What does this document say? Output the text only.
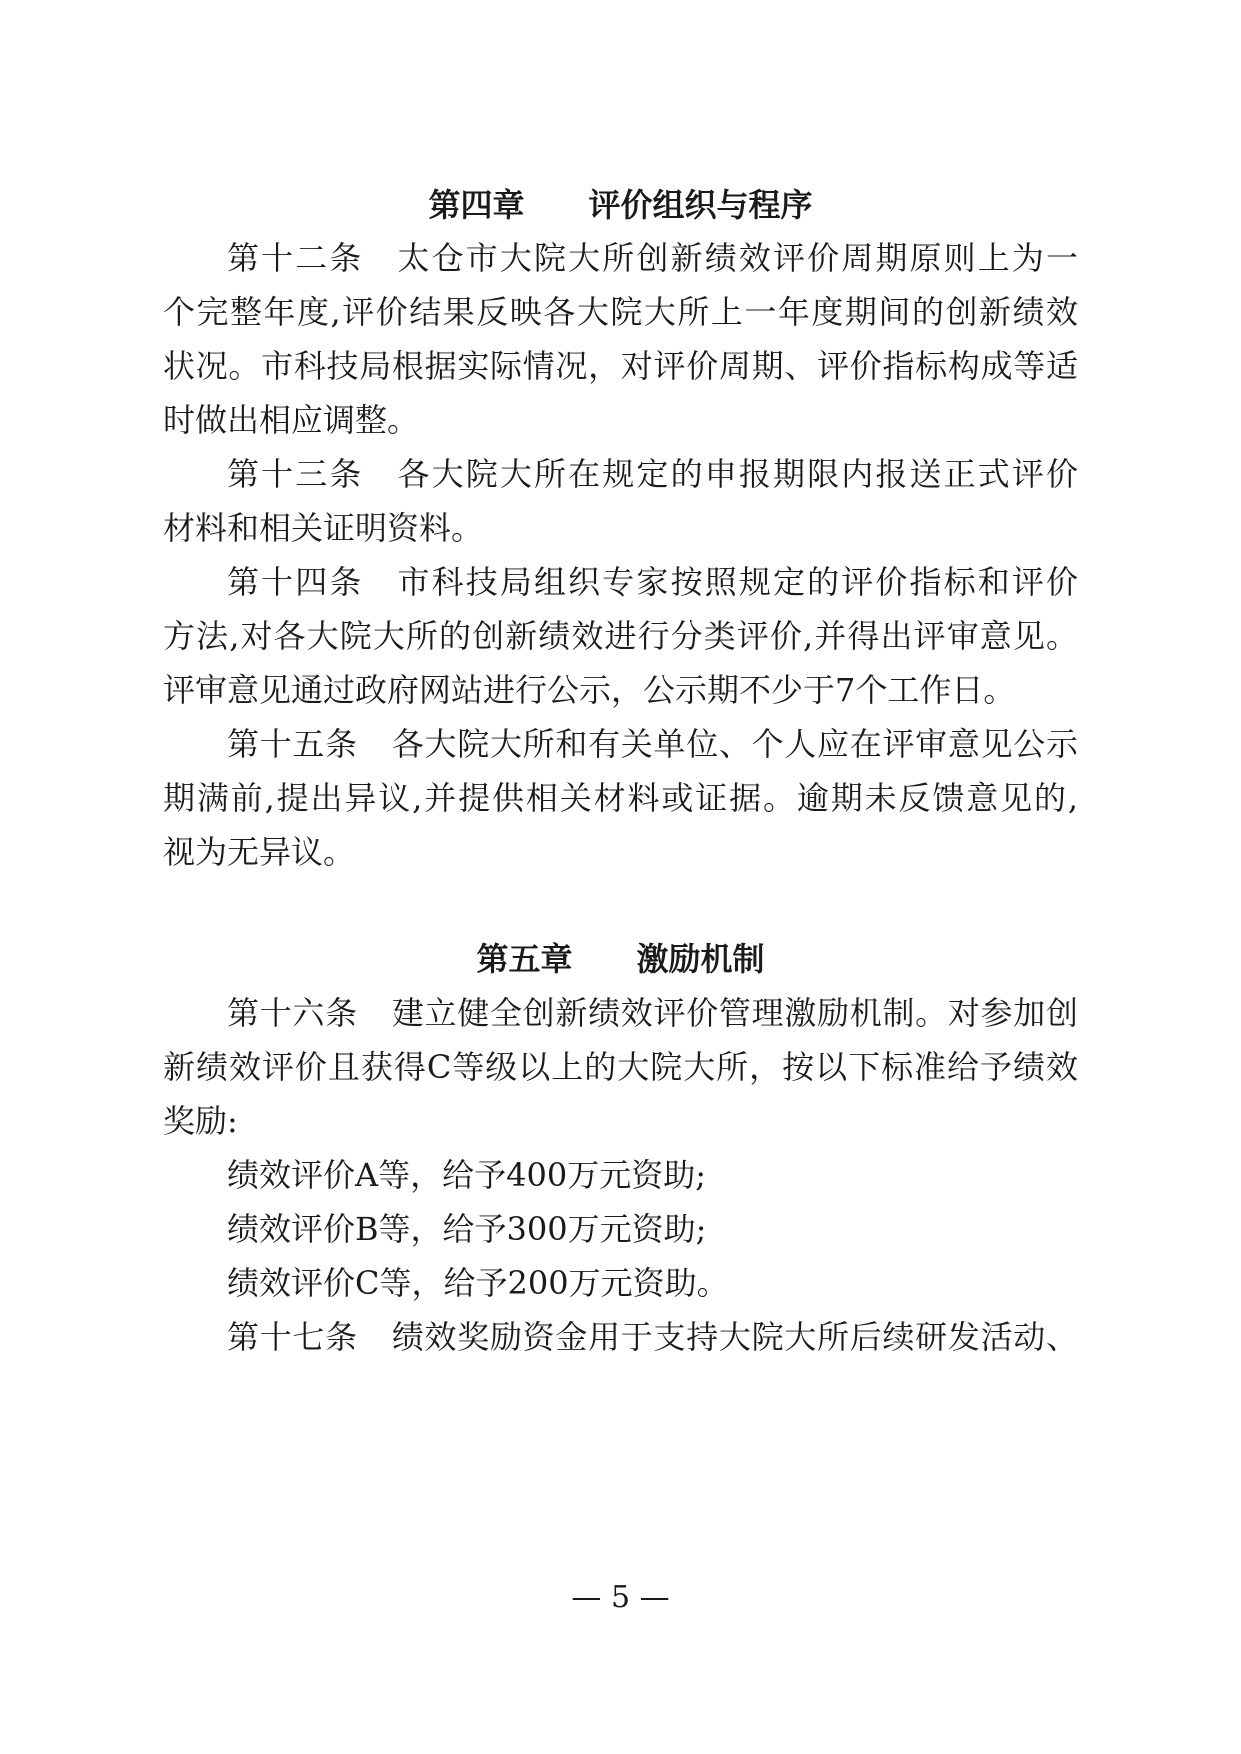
第四章 评价组织与程序
第十二条 太仓市大院大所创新绩效评价周期原则上为一
个完整年度,评价结果反映各大院大所上一年度期间的创新绩效
状况。市科技局根据实际情况，对评价周期、评价指标构成等适
时做出相应调整。
第十三条 各大院大所在规定的申报期限内报送正式评价
材料和相关证明资料。
第十四条 市科技局组织专家按照规定的评价指标和评价
方法,对各大院大所的创新绩效进行分类评价,并得出评审意见。
评审意见通过政府网站进行公示，公示期不少于7个工作日。
第十五条 各大院大所和有关单位、个人应在评审意见公示
期满前,提出异议,并提供相关材料或证据。逾期未反馈意见的,
视为无异议。
第五章 激励机制
第十六条 建立健全创新绩效评价管理激励机制。对参加创
新绩效评价且获得C等级以上的大院大所，按以下标准给予绩效
奖励:
绩效评价A等，给予400万元资助;
绩效评价B等，给予300万元资助;
绩效评价C等，给予200万元资助。
第十七条 绩效奖励资金用于支持大院大所后续研发活动、
— 5 —
